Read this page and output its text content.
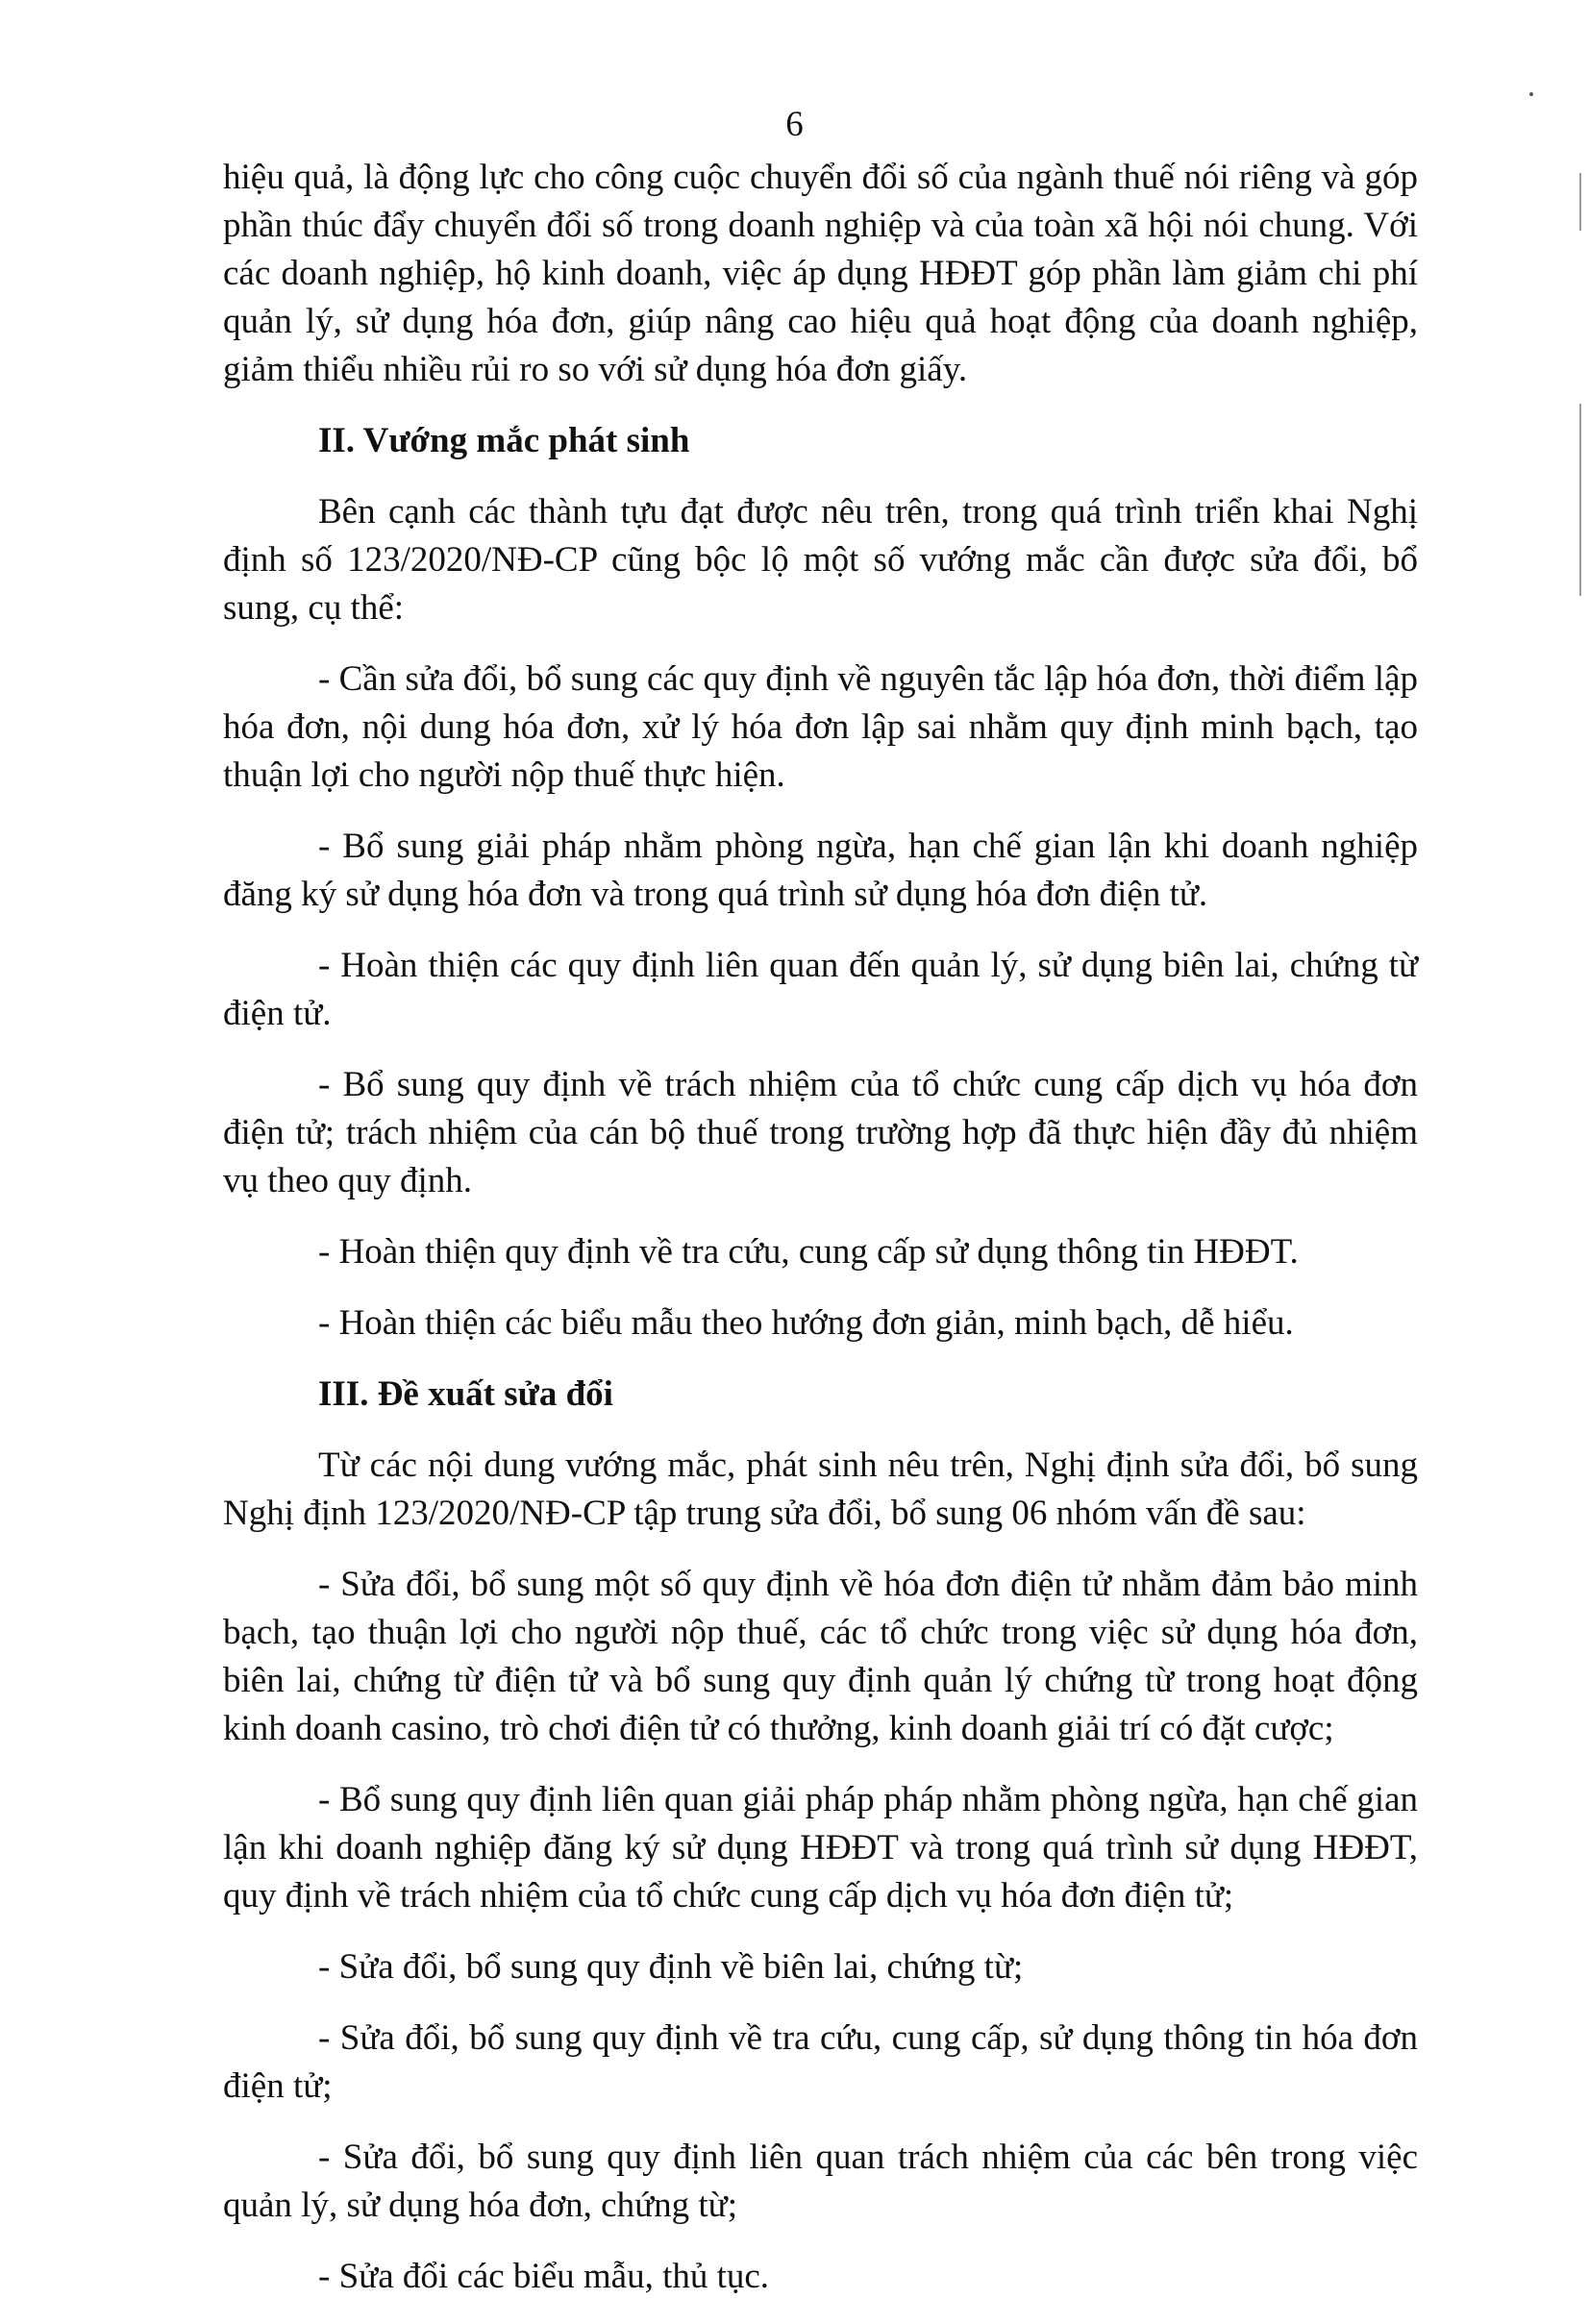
6

hiệu quả, là động lực cho công cuộc chuyển đổi số của ngành thuế nói riêng và góp phần thúc đẩy chuyển đổi số trong doanh nghiệp và của toàn xã hội nói chung. Với các doanh nghiệp, hộ kinh doanh, việc áp dụng HĐĐT góp phần làm giảm chi phí quản lý, sử dụng hóa đơn, giúp nâng cao hiệu quả hoạt động của doanh nghiệp, giảm thiểu nhiều rủi ro so với sử dụng hóa đơn giấy.

II. Vướng mắc phát sinh

Bên cạnh các thành tựu đạt được nêu trên, trong quá trình triển khai Nghị định số 123/2020/NĐ-CP cũng bộc lộ một số vướng mắc cần được sửa đổi, bổ sung, cụ thể:

- Cần sửa đổi, bổ sung các quy định về nguyên tắc lập hóa đơn, thời điểm lập hóa đơn, nội dung hóa đơn, xử lý hóa đơn lập sai nhằm quy định minh bạch, tạo thuận lợi cho người nộp thuế thực hiện.

- Bổ sung giải pháp nhằm phòng ngừa, hạn chế gian lận khi doanh nghiệp đăng ký sử dụng hóa đơn và trong quá trình sử dụng hóa đơn điện tử.

- Hoàn thiện các quy định liên quan đến quản lý, sử dụng biên lai, chứng từ điện tử.

- Bổ sung quy định về trách nhiệm của tổ chức cung cấp dịch vụ hóa đơn điện tử; trách nhiệm của cán bộ thuế trong trường hợp đã thực hiện đầy đủ nhiệm vụ theo quy định.

- Hoàn thiện quy định về tra cứu, cung cấp sử dụng thông tin HĐĐT.

- Hoàn thiện các biểu mẫu theo hướng đơn giản, minh bạch, dễ hiểu.

III. Đề xuất sửa đổi

Từ các nội dung vướng mắc, phát sinh nêu trên, Nghị định sửa đổi, bổ sung Nghị định 123/2020/NĐ-CP tập trung sửa đổi, bổ sung 06 nhóm vấn đề sau:

- Sửa đổi, bổ sung một số quy định về hóa đơn điện tử nhằm đảm bảo minh bạch, tạo thuận lợi cho người nộp thuế, các tổ chức trong việc sử dụng hóa đơn, biên lai, chứng từ điện tử và bổ sung quy định quản lý chứng từ trong hoạt động kinh doanh casino, trò chơi điện tử có thưởng, kinh doanh giải trí có đặt cược;

- Bổ sung quy định liên quan giải pháp pháp nhằm phòng ngừa, hạn chế gian lận khi doanh nghiệp đăng ký sử dụng HĐĐT và trong quá trình sử dụng HĐĐT, quy định về trách nhiệm của tổ chức cung cấp dịch vụ hóa đơn điện tử;

- Sửa đổi, bổ sung quy định về biên lai, chứng từ;

- Sửa đổi, bổ sung quy định về tra cứu, cung cấp, sử dụng thông tin hóa đơn điện tử;

- Sửa đổi, bổ sung quy định liên quan trách nhiệm của các bên trong việc quản lý, sử dụng hóa đơn, chứng từ;

- Sửa đổi các biểu mẫu, thủ tục.
